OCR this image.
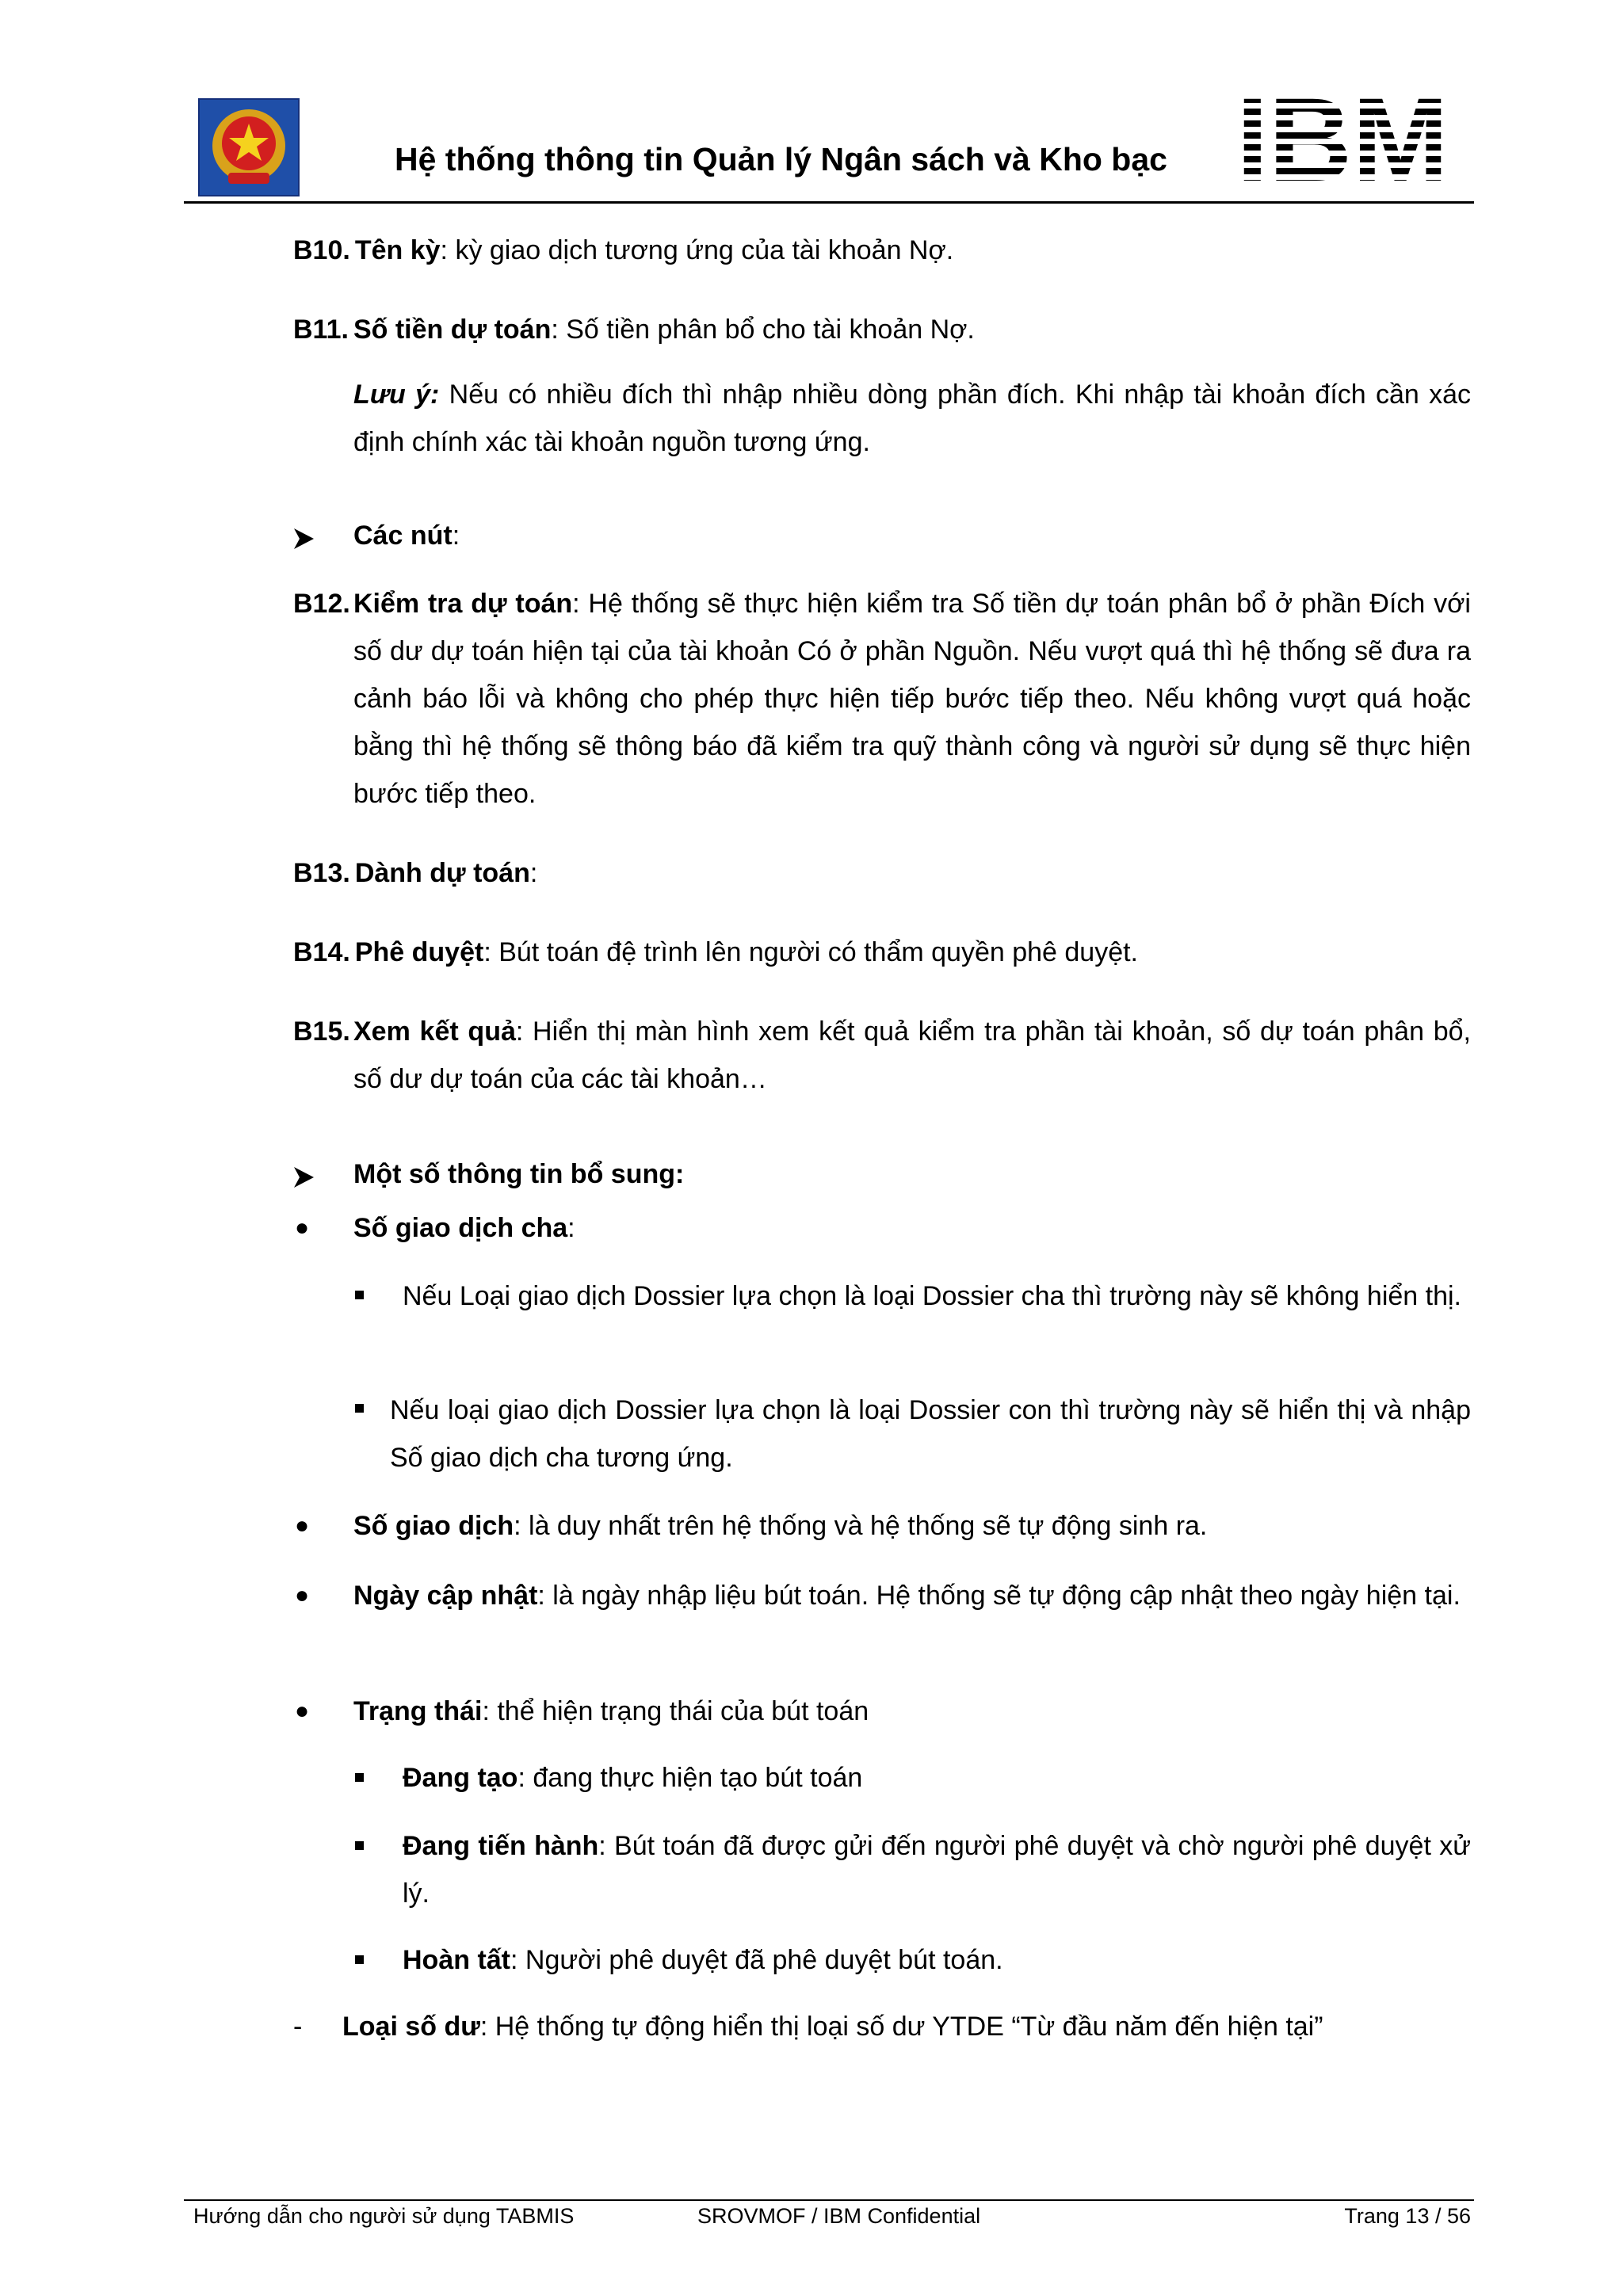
Hệ thống thông tin Quản lý Ngân sách và Kho bạc IBM
B10. Tên kỳ: kỳ giao dịch tương ứng của tài khoản Nợ.
B11. Số tiền dự toán: Số tiền phân bổ cho tài khoản Nợ.
Lưu ý: Nếu có nhiều đích thì nhập nhiều dòng phần đích. Khi nhập tài khoản đích cần xác định chính xác tài khoản nguồn tương ứng.
Các nút:
B12. Kiểm tra dự toán: Hệ thống sẽ thực hiện kiểm tra Số tiền dự toán phân bổ ở phần Đích với số dư dự toán hiện tại của tài khoản Có ở phần Nguồn. Nếu vượt quá thì hệ thống sẽ đưa ra cảnh báo lỗi và không cho phép thực hiện tiếp bước tiếp theo. Nếu không vượt quá hoặc bằng thì hệ thống sẽ thông báo đã kiểm tra quỹ thành công và người sử dụng sẽ thực hiện bước tiếp theo.
B13. Dành dự toán:
B14. Phê duyệt: Bút toán đệ trình lên người có thẩm quyền phê duyệt.
B15. Xem kết quả: Hiển thị màn hình xem kết quả kiểm tra phần tài khoản, số dự toán phân bổ, số dư dự toán của các tài khoản…
Một số thông tin bổ sung:
● Số giao dịch cha:
Nếu Loại giao dịch Dossier lựa chọn là loại Dossier cha thì trường này sẽ không hiển thị.
Nếu loại giao dịch Dossier lựa chọn là loại Dossier con thì trường này sẽ hiển thị và nhập Số giao dịch cha tương ứng.
● Số giao dịch: là duy nhất trên hệ thống và hệ thống sẽ tự động sinh ra.
● Ngày cập nhật: là ngày nhập liệu bút toán. Hệ thống sẽ tự động cập nhật theo ngày hiện tại.
● Trạng thái: thể hiện trạng thái của bút toán
Đang tạo: đang thực hiện tạo bút toán
Đang tiến hành: Bút toán đã được gửi đến người phê duyệt và chờ người phê duyệt xử lý.
Hoàn tất: Người phê duyệt đã phê duyệt bút toán.
- Loại số dư: Hệ thống tự động hiển thị loại số dư YTDE “Từ đầu năm đến hiện tại”
Hướng dẫn cho người sử dụng TABMIS	SROVMOF / IBM Confidential	Trang 13 / 56
